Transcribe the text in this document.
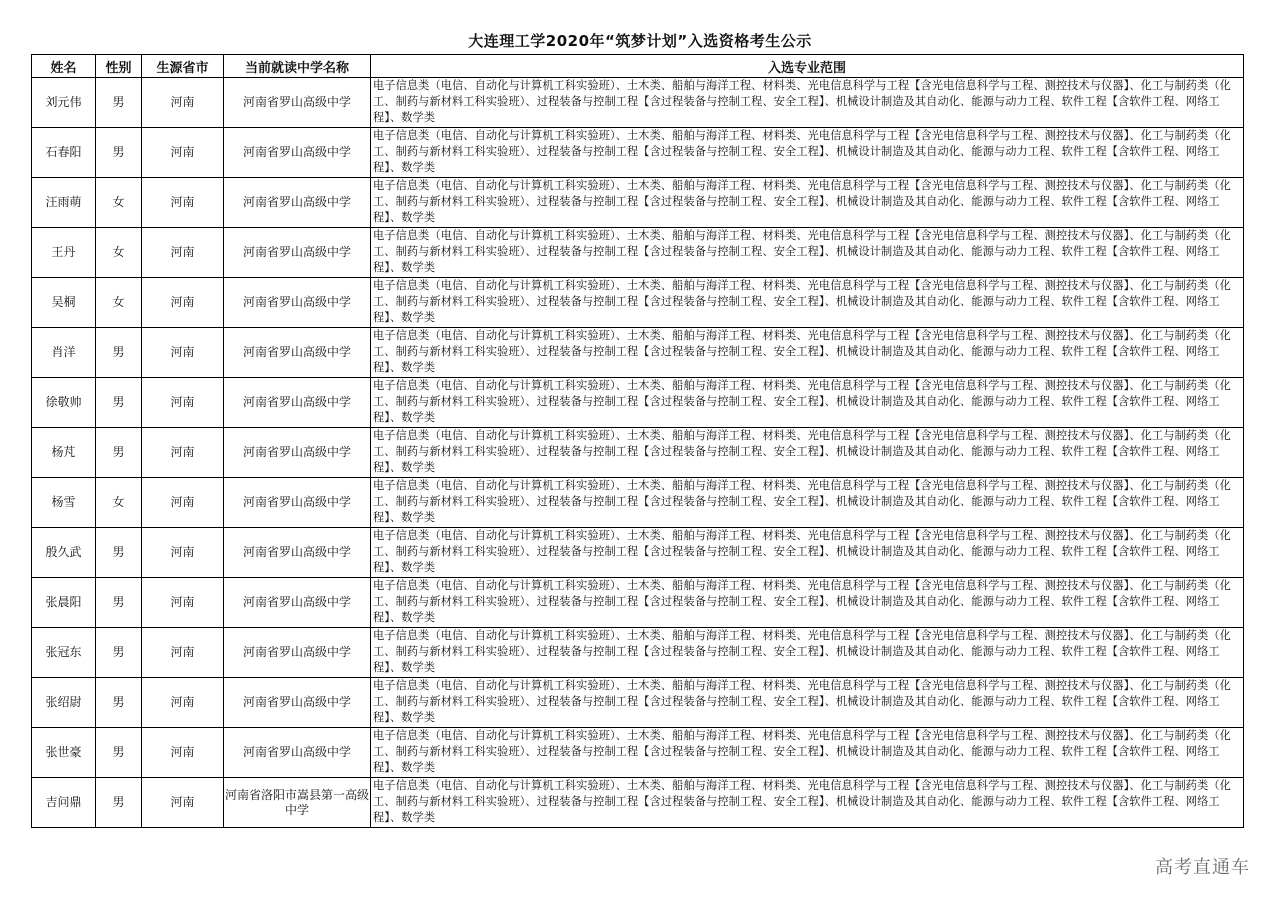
大连理工学2020年“筑梦计划”入选资格考生公示
姓名	性别	生源省市	当前就读中学名称	入选专业范围
刘元伟	男	河南	河南省罗山高级中学	电子信息类（电信、自动化与计算机工科实验班）、土木类、船舶与海洋工程、材料类、光电信息科学与工程【含光电信息科学与工程、测控技术与仪器】、化工与制药类（化工、制药与新材料工科实验班）、过程装备与控制工程【含过程装备与控制工程、安全工程】、机械设计制造及其自动化、能源与动力工程、软件工程【含软件工程、网络工程】、数学类
石春阳	男	河南	河南省罗山高级中学	电子信息类（电信、自动化与计算机工科实验班）、土木类、船舶与海洋工程、材料类、光电信息科学与工程【含光电信息科学与工程、测控技术与仪器】、化工与制药类（化工、制药与新材料工科实验班）、过程装备与控制工程【含过程装备与控制工程、安全工程】、机械设计制造及其自动化、能源与动力工程、软件工程【含软件工程、网络工程】、数学类
汪雨萌	女	河南	河南省罗山高级中学	电子信息类（电信、自动化与计算机工科实验班）、土木类、船舶与海洋工程、材料类、光电信息科学与工程【含光电信息科学与工程、测控技术与仪器】、化工与制药类（化工、制药与新材料工科实验班）、过程装备与控制工程【含过程装备与控制工程、安全工程】、机械设计制造及其自动化、能源与动力工程、软件工程【含软件工程、网络工程】、数学类
王丹	女	河南	河南省罗山高级中学	电子信息类（电信、自动化与计算机工科实验班）、土木类、船舶与海洋工程、材料类、光电信息科学与工程【含光电信息科学与工程、测控技术与仪器】、化工与制药类（化工、制药与新材料工科实验班）、过程装备与控制工程【含过程装备与控制工程、安全工程】、机械设计制造及其自动化、能源与动力工程、软件工程【含软件工程、网络工程】、数学类
吴桐	女	河南	河南省罗山高级中学	电子信息类（电信、自动化与计算机工科实验班）、土木类、船舶与海洋工程、材料类、光电信息科学与工程【含光电信息科学与工程、测控技术与仪器】、化工与制药类（化工、制药与新材料工科实验班）、过程装备与控制工程【含过程装备与控制工程、安全工程】、机械设计制造及其自动化、能源与动力工程、软件工程【含软件工程、网络工程】、数学类
肖洋	男	河南	河南省罗山高级中学	电子信息类（电信、自动化与计算机工科实验班）、土木类、船舶与海洋工程、材料类、光电信息科学与工程【含光电信息科学与工程、测控技术与仪器】、化工与制药类（化工、制药与新材料工科实验班）、过程装备与控制工程【含过程装备与控制工程、安全工程】、机械设计制造及其自动化、能源与动力工程、软件工程【含软件工程、网络工程】、数学类
徐敬帅	男	河南	河南省罗山高级中学	电子信息类（电信、自动化与计算机工科实验班）、土木类、船舶与海洋工程、材料类、光电信息科学与工程【含光电信息科学与工程、测控技术与仪器】、化工与制药类（化工、制药与新材料工科实验班）、过程装备与控制工程【含过程装备与控制工程、安全工程】、机械设计制造及其自动化、能源与动力工程、软件工程【含软件工程、网络工程】、数学类
杨芃	男	河南	河南省罗山高级中学	电子信息类（电信、自动化与计算机工科实验班）、土木类、船舶与海洋工程、材料类、光电信息科学与工程【含光电信息科学与工程、测控技术与仪器】、化工与制药类（化工、制药与新材料工科实验班）、过程装备与控制工程【含过程装备与控制工程、安全工程】、机械设计制造及其自动化、能源与动力工程、软件工程【含软件工程、网络工程】、数学类
杨雪	女	河南	河南省罗山高级中学	电子信息类（电信、自动化与计算机工科实验班）、土木类、船舶与海洋工程、材料类、光电信息科学与工程【含光电信息科学与工程、测控技术与仪器】、化工与制药类（化工、制药与新材料工科实验班）、过程装备与控制工程【含过程装备与控制工程、安全工程】、机械设计制造及其自动化、能源与动力工程、软件工程【含软件工程、网络工程】、数学类
殷久武	男	河南	河南省罗山高级中学	电子信息类（电信、自动化与计算机工科实验班）、土木类、船舶与海洋工程、材料类、光电信息科学与工程【含光电信息科学与工程、测控技术与仪器】、化工与制药类（化工、制药与新材料工科实验班）、过程装备与控制工程【含过程装备与控制工程、安全工程】、机械设计制造及其自动化、能源与动力工程、软件工程【含软件工程、网络工程】、数学类
张晨阳	男	河南	河南省罗山高级中学	电子信息类（电信、自动化与计算机工科实验班）、土木类、船舶与海洋工程、材料类、光电信息科学与工程【含光电信息科学与工程、测控技术与仪器】、化工与制药类（化工、制药与新材料工科实验班）、过程装备与控制工程【含过程装备与控制工程、安全工程】、机械设计制造及其自动化、能源与动力工程、软件工程【含软件工程、网络工程】、数学类
张冠东	男	河南	河南省罗山高级中学	电子信息类（电信、自动化与计算机工科实验班）、土木类、船舶与海洋工程、材料类、光电信息科学与工程【含光电信息科学与工程、测控技术与仪器】、化工与制药类（化工、制药与新材料工科实验班）、过程装备与控制工程【含过程装备与控制工程、安全工程】、机械设计制造及其自动化、能源与动力工程、软件工程【含软件工程、网络工程】、数学类
张绍尉	男	河南	河南省罗山高级中学	电子信息类（电信、自动化与计算机工科实验班）、土木类、船舶与海洋工程、材料类、光电信息科学与工程【含光电信息科学与工程、测控技术与仪器】、化工与制药类（化工、制药与新材料工科实验班）、过程装备与控制工程【含过程装备与控制工程、安全工程】、机械设计制造及其自动化、能源与动力工程、软件工程【含软件工程、网络工程】、数学类
张世豪	男	河南	河南省罗山高级中学	电子信息类（电信、自动化与计算机工科实验班）、土木类、船舶与海洋工程、材料类、光电信息科学与工程【含光电信息科学与工程、测控技术与仪器】、化工与制药类（化工、制药与新材料工科实验班）、过程装备与控制工程【含过程装备与控制工程、安全工程】、机械设计制造及其自动化、能源与动力工程、软件工程【含软件工程、网络工程】、数学类
吉问鼎	男	河南	河南省洛阳市嵩县第一高级中学	电子信息类（电信、自动化与计算机工科实验班）、土木类、船舶与海洋工程、材料类、光电信息科学与工程【含光电信息科学与工程、测控技术与仪器】、化工与制药类（化工、制药与新材料工科实验班）、过程装备与控制工程【含过程装备与控制工程、安全工程】、机械设计制造及其自动化、能源与动力工程、软件工程【含软件工程、网络工程】、数学类
高考直通车
